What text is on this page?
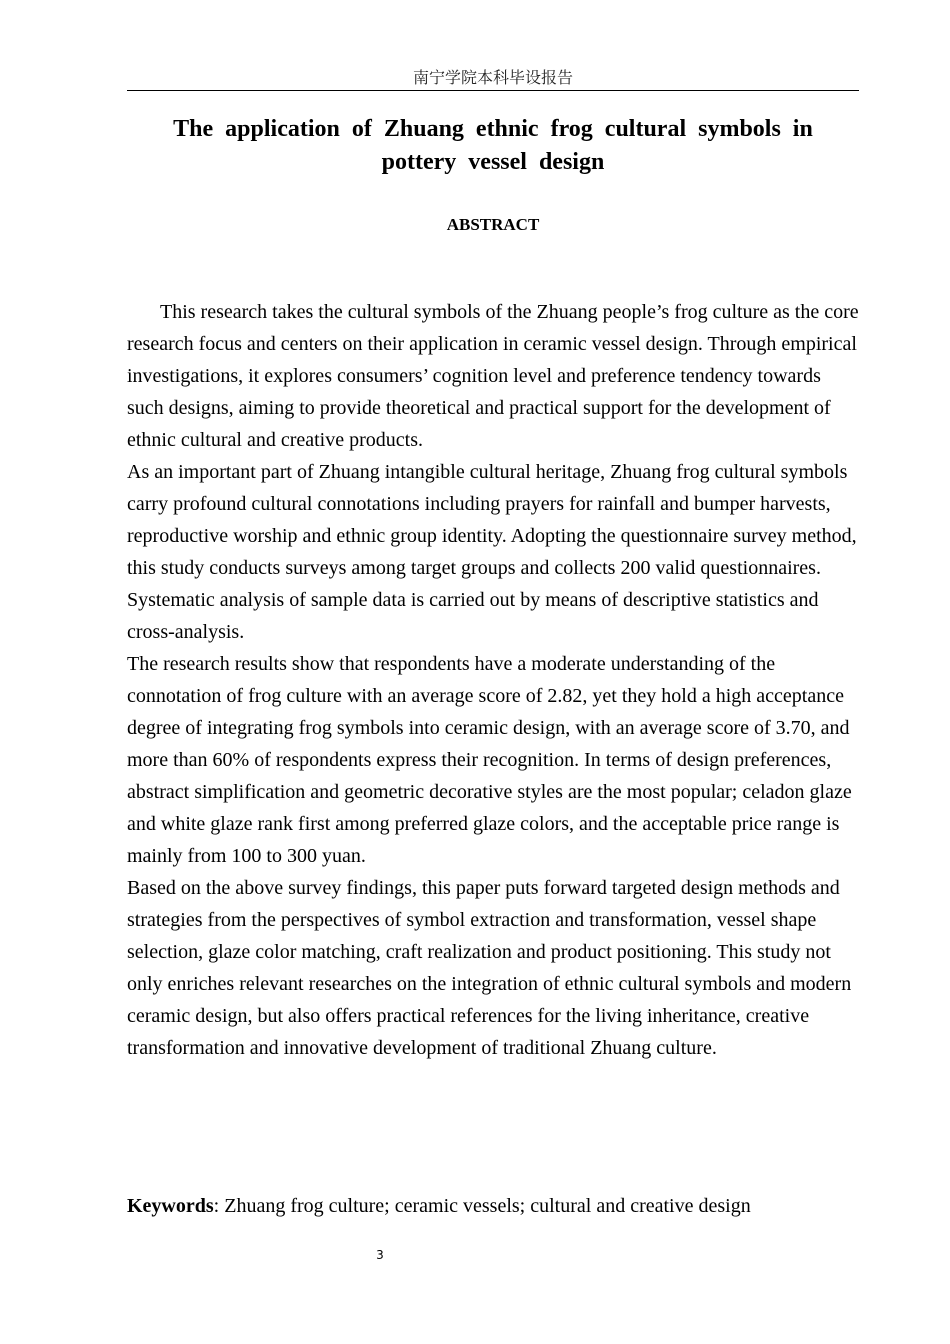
南宁学院本科毕设报告
The application of Zhuang ethnic frog cultural symbols in pottery vessel design
ABSTRACT

This research takes the cultural symbols of the Zhuang people’s frog culture as the core research focus and centers on their application in ceramic vessel design. Through empirical investigations, it explores consumers’ cognition level and preference tendency towards such designs, aiming to provide theoretical and practical support for the development of ethnic cultural and creative products.

As an important part of Zhuang intangible cultural heritage, Zhuang frog cultural symbols carry profound cultural connotations including prayers for rainfall and bumper harvests, reproductive worship and ethnic group identity. Adopting the questionnaire survey method, this study conducts surveys among target groups and collects 200 valid questionnaires. Systematic analysis of sample data is carried out by means of descriptive statistics and cross-analysis.

The research results show that respondents have a moderate understanding of the connotation of frog culture with an average score of 2.82, yet they hold a high acceptance degree of integrating frog symbols into ceramic design, with an average score of 3.70, and more than 60% of respondents express their recognition. In terms of design preferences, abstract simplification and geometric decorative styles are the most popular; celadon glaze and white glaze rank first among preferred glaze colors, and the acceptable price range is mainly from 100 to 300 yuan.

Based on the above survey findings, this paper puts forward targeted design methods and strategies from the perspectives of symbol extraction and transformation, vessel shape selection, glaze color matching, craft realization and product positioning. This study not only enriches relevant researches on the integration of ethnic cultural symbols and modern ceramic design, but also offers practical references for the living inheritance, creative transformation and innovative development of traditional Zhuang culture.

Keywords: Zhuang frog culture; ceramic vessels; cultural and creative design
3
